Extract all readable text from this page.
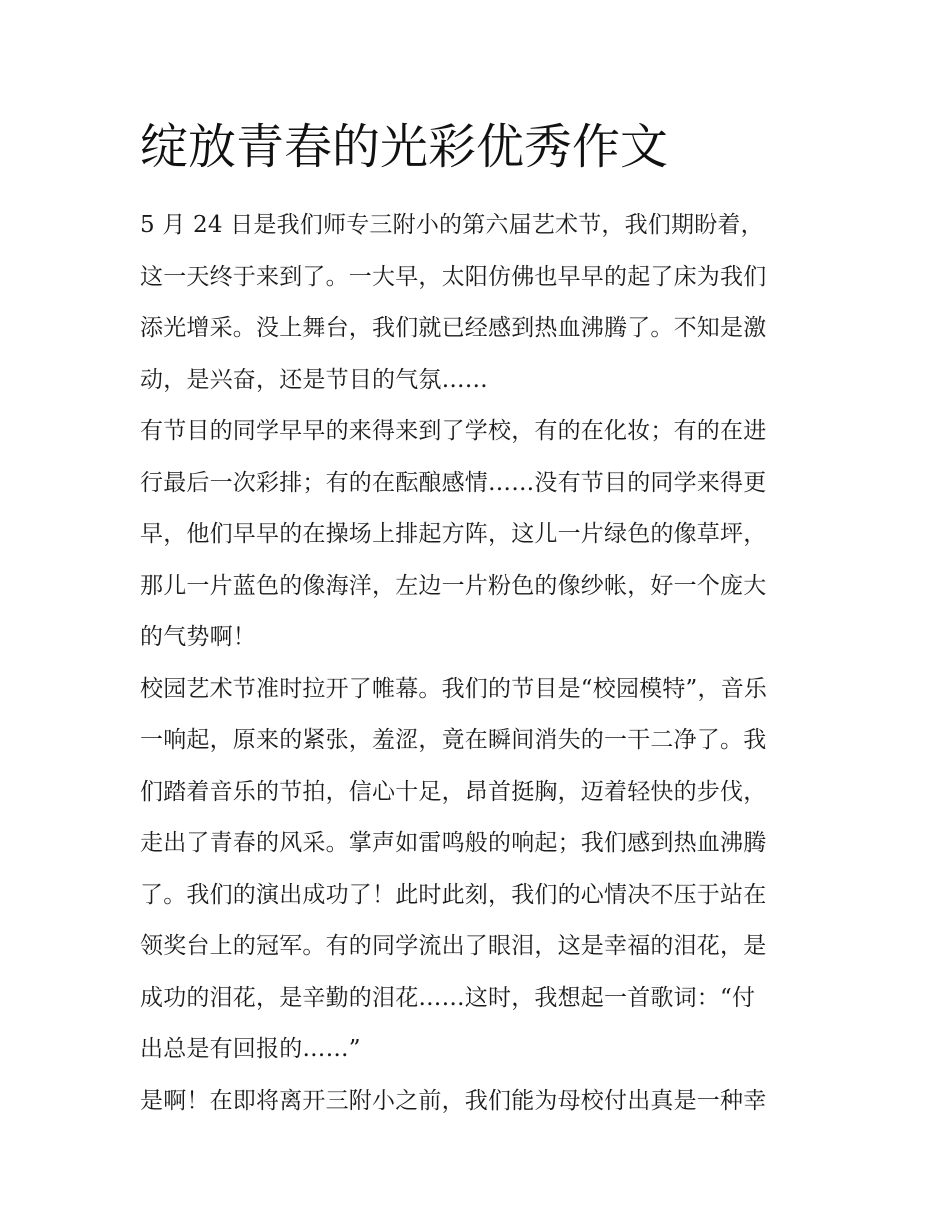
绽放青春的光彩优秀作文
5 月 24 日是我们师专三附小的第六届艺术节，我们期盼着，
这一天终于来到了。一大早，太阳仿佛也早早的起了床为我们
添光增采。没上舞台，我们就已经感到热血沸腾了。不知是激
动，是兴奋，还是节目的气氛……
有节目的同学早早的来得来到了学校，有的在化妆；有的在进
行最后一次彩排；有的在酝酿感情……没有节目的同学来得更
早，他们早早的在操场上排起方阵，这儿一片绿色的像草坪，
那儿一片蓝色的像海洋，左边一片粉色的像纱帐，好一个庞大
的气势啊！
校园艺术节准时拉开了帷幕。我们的节目是“校园模特”，音乐
一响起，原来的紧张，羞涩，竟在瞬间消失的一干二净了。我
们踏着音乐的节拍，信心十足，昂首挺胸，迈着轻快的步伐，
走出了青春的风采。掌声如雷鸣般的响起；我们感到热血沸腾
了。我们的演出成功了！此时此刻，我们的心情决不压于站在
领奖台上的冠军。有的同学流出了眼泪，这是幸福的泪花，是
成功的泪花，是辛勤的泪花……这时，我想起一首歌词：“付
出总是有回报的……”
是啊！在即将离开三附小之前，我们能为母校付出真是一种幸
